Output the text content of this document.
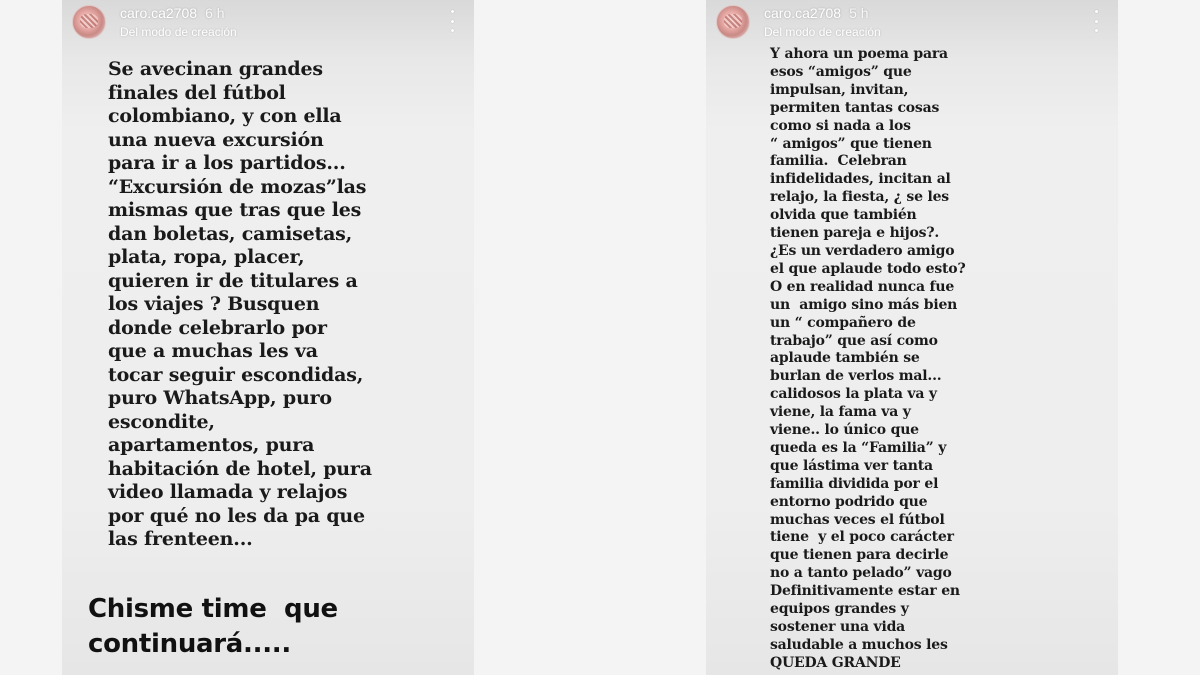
caro.ca2708 6 h
Del modo de creación
Se avecinan grandes
finales del fútbol
colombiano, y con ella
una nueva excursión
para ir a los partidos...
“Excursión de mozas”las
mismas que tras que les
dan boletas, camisetas,
plata, ropa, placer,
quieren ir de titulares a
los viajes ? Busquen
donde celebrarlo por
que a muchas les va
tocar seguir escondidas,
puro WhatsApp, puro
escondite,
apartamentos, pura
habitación de hotel, pura
video llamada y relajos
por qué no les da pa que
las frenteen...
Chisme time  que
continuará.....
caro.ca2708 5 h
Del modo de creación
Y ahora un poema para
esos “amigos” que
impulsan, invitan,
permiten tantas cosas
como si nada a los
“ amigos” que tienen
familia.  Celebran
infidelidades, incitan al
relajo, la fiesta, ¿ se les
olvida que también
tienen pareja e hijos?.
¿Es un verdadero amigo
el que aplaude todo esto?
O en realidad nunca fue
un  amigo sino más bien
un “ compañero de
trabajo” que así como
aplaude también se
burlan de verlos mal...
calidosos la plata va y
viene, la fama va y
viene.. lo único que
queda es la “Familia” y
que lástima ver tanta
familia dividida por el
entorno podrido que
muchas veces el fútbol
tiene  y el poco carácter
que tienen para decirle
no a tanto pelado” vago
Definitivamente estar en
equipos grandes y
sostener una vida
saludable a muchos les
QUEDA GRANDE
